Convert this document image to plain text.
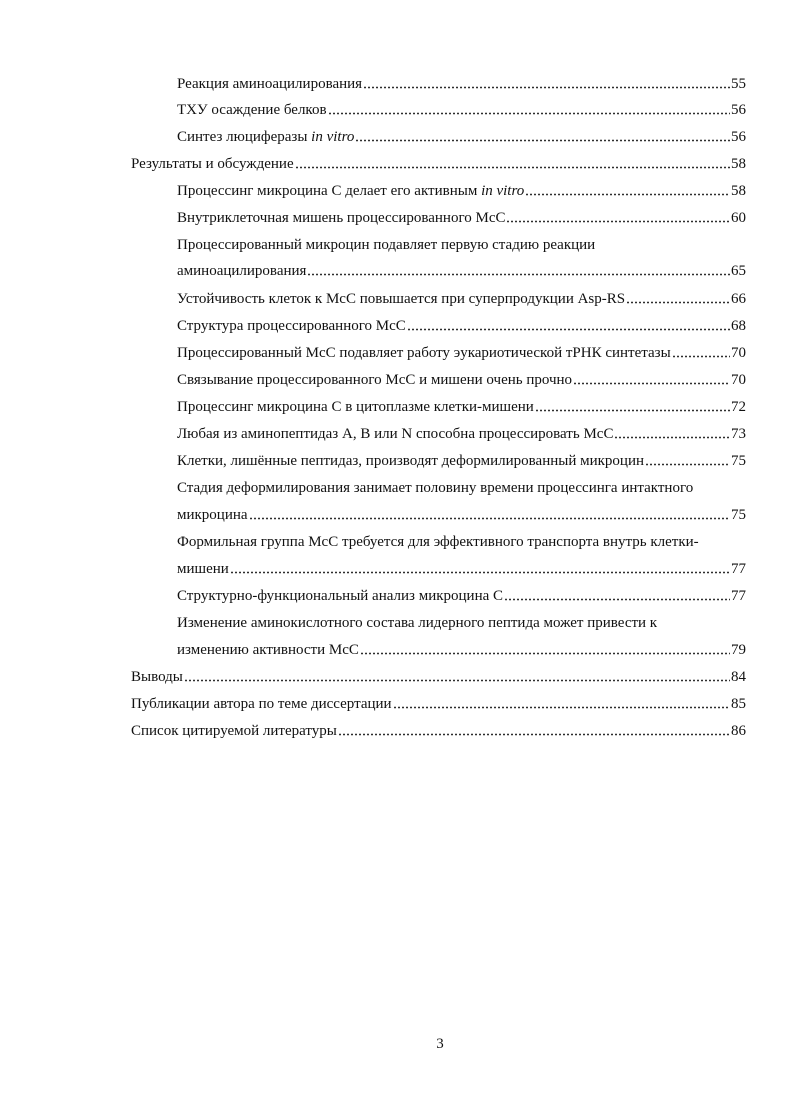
Реакция аминоацилирования	55
ТХУ осаждение белков	56
Синтез люциферазы in vitro	56
Результаты и обсуждение	58
Процессинг микроцина С делает его активным in vitro	58
Внутриклеточная мишень процессированного МсС	60
Процессированный микроцин подавляет первую стадию реакции
аминоацилирования	65
Устойчивость клеток к МсС повышается при суперпродукции Asp-RS	66
Структура процессированного МсС	68
Процессированный МсС подавляет работу эукариотической тРНК синтетазы	70
Связывание процессированного МсС и мишени очень прочно	70
Процессинг микроцина С в цитоплазме клетки-мишени	72
Любая из аминопептидаз А, В или N способна процессировать МсС	73
Клетки, лишённые пептидаз, производят деформилированный микроцин	75
Стадия деформилирования занимает половину времени процессинга интактного
микроцина	75
Формильная группа МсС требуется для эффективного транспорта внутрь клетки-
мишени	77
Структурно-функциональный анализ микроцина С	77
Изменение аминокислотного состава лидерного пептида может привести к
изменению активности МсС	79
Выводы	84
Публикации автора по теме диссертации	85
Список цитируемой литературы	86
3
